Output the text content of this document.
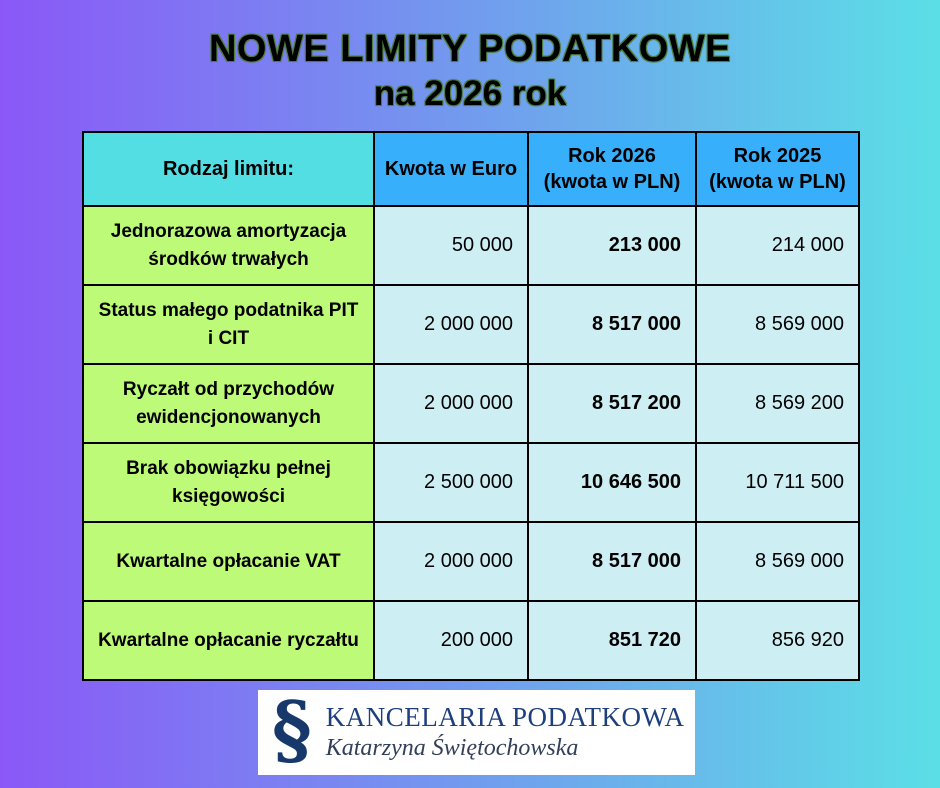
NOWE LIMITY PODATKOWE
na 2026 rok
Rodzaj limitu:	Kwota w Euro	Rok 2026 (kwota w PLN)	Rok 2025 (kwota w PLN)
Jednorazowa amortyzacja środków trwałych	50 000	213 000	214 000
Status małego podatnika PIT i CIT	2 000 000	8 517 000	8 569 000
Ryczałt od przychodów ewidencjonowanych	2 000 000	8 517 200	8 569 200
Brak obowiązku pełnej księgowości	2 500 000	10 646 500	10 711 500
Kwartalne opłacanie VAT	2 000 000	8 517 000	8 569 000
Kwartalne opłacanie ryczałtu	200 000	851 720	856 920
§ KANCELARIA PODATKOWA
Katarzyna Świętochowska
